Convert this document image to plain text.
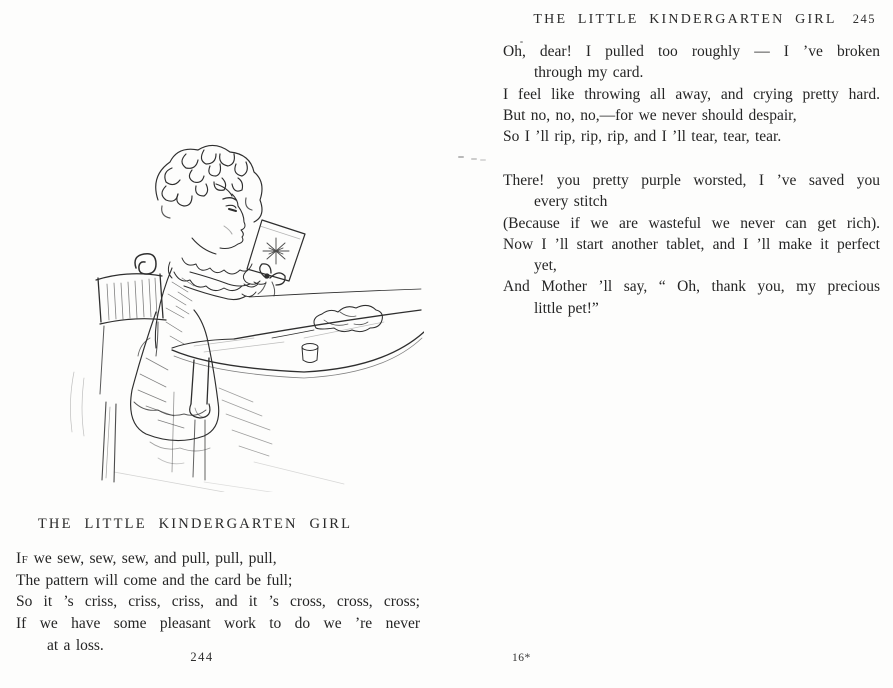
THE LITTLE KINDERGARTEN GIRL
If we sew, sew, sew, and pull, pull, pull,
The pattern will come and the card be full;
So it ’s criss, criss, criss, and it ’s cross, cross, cross;
If we have some pleasant work to do we ’re never
at a loss.
244
THE LITTLE KINDERGARTEN GIRL	245
Oh, dear! I pulled too roughly — I ’ve broken
through my card.
I feel like throwing all away, and crying pretty hard.
But no, no, no,—for we never should despair,
So I ’ll rip, rip, rip, and I ’ll tear, tear, tear.
There! you pretty purple worsted, I ’ve saved you
every stitch
(Because if we are wasteful we never can get rich).
Now I ’ll start another tablet, and I ’ll make it perfect
yet,
And Mother ’ll say, “ Oh, thank you, my precious
little pet!”
16*
